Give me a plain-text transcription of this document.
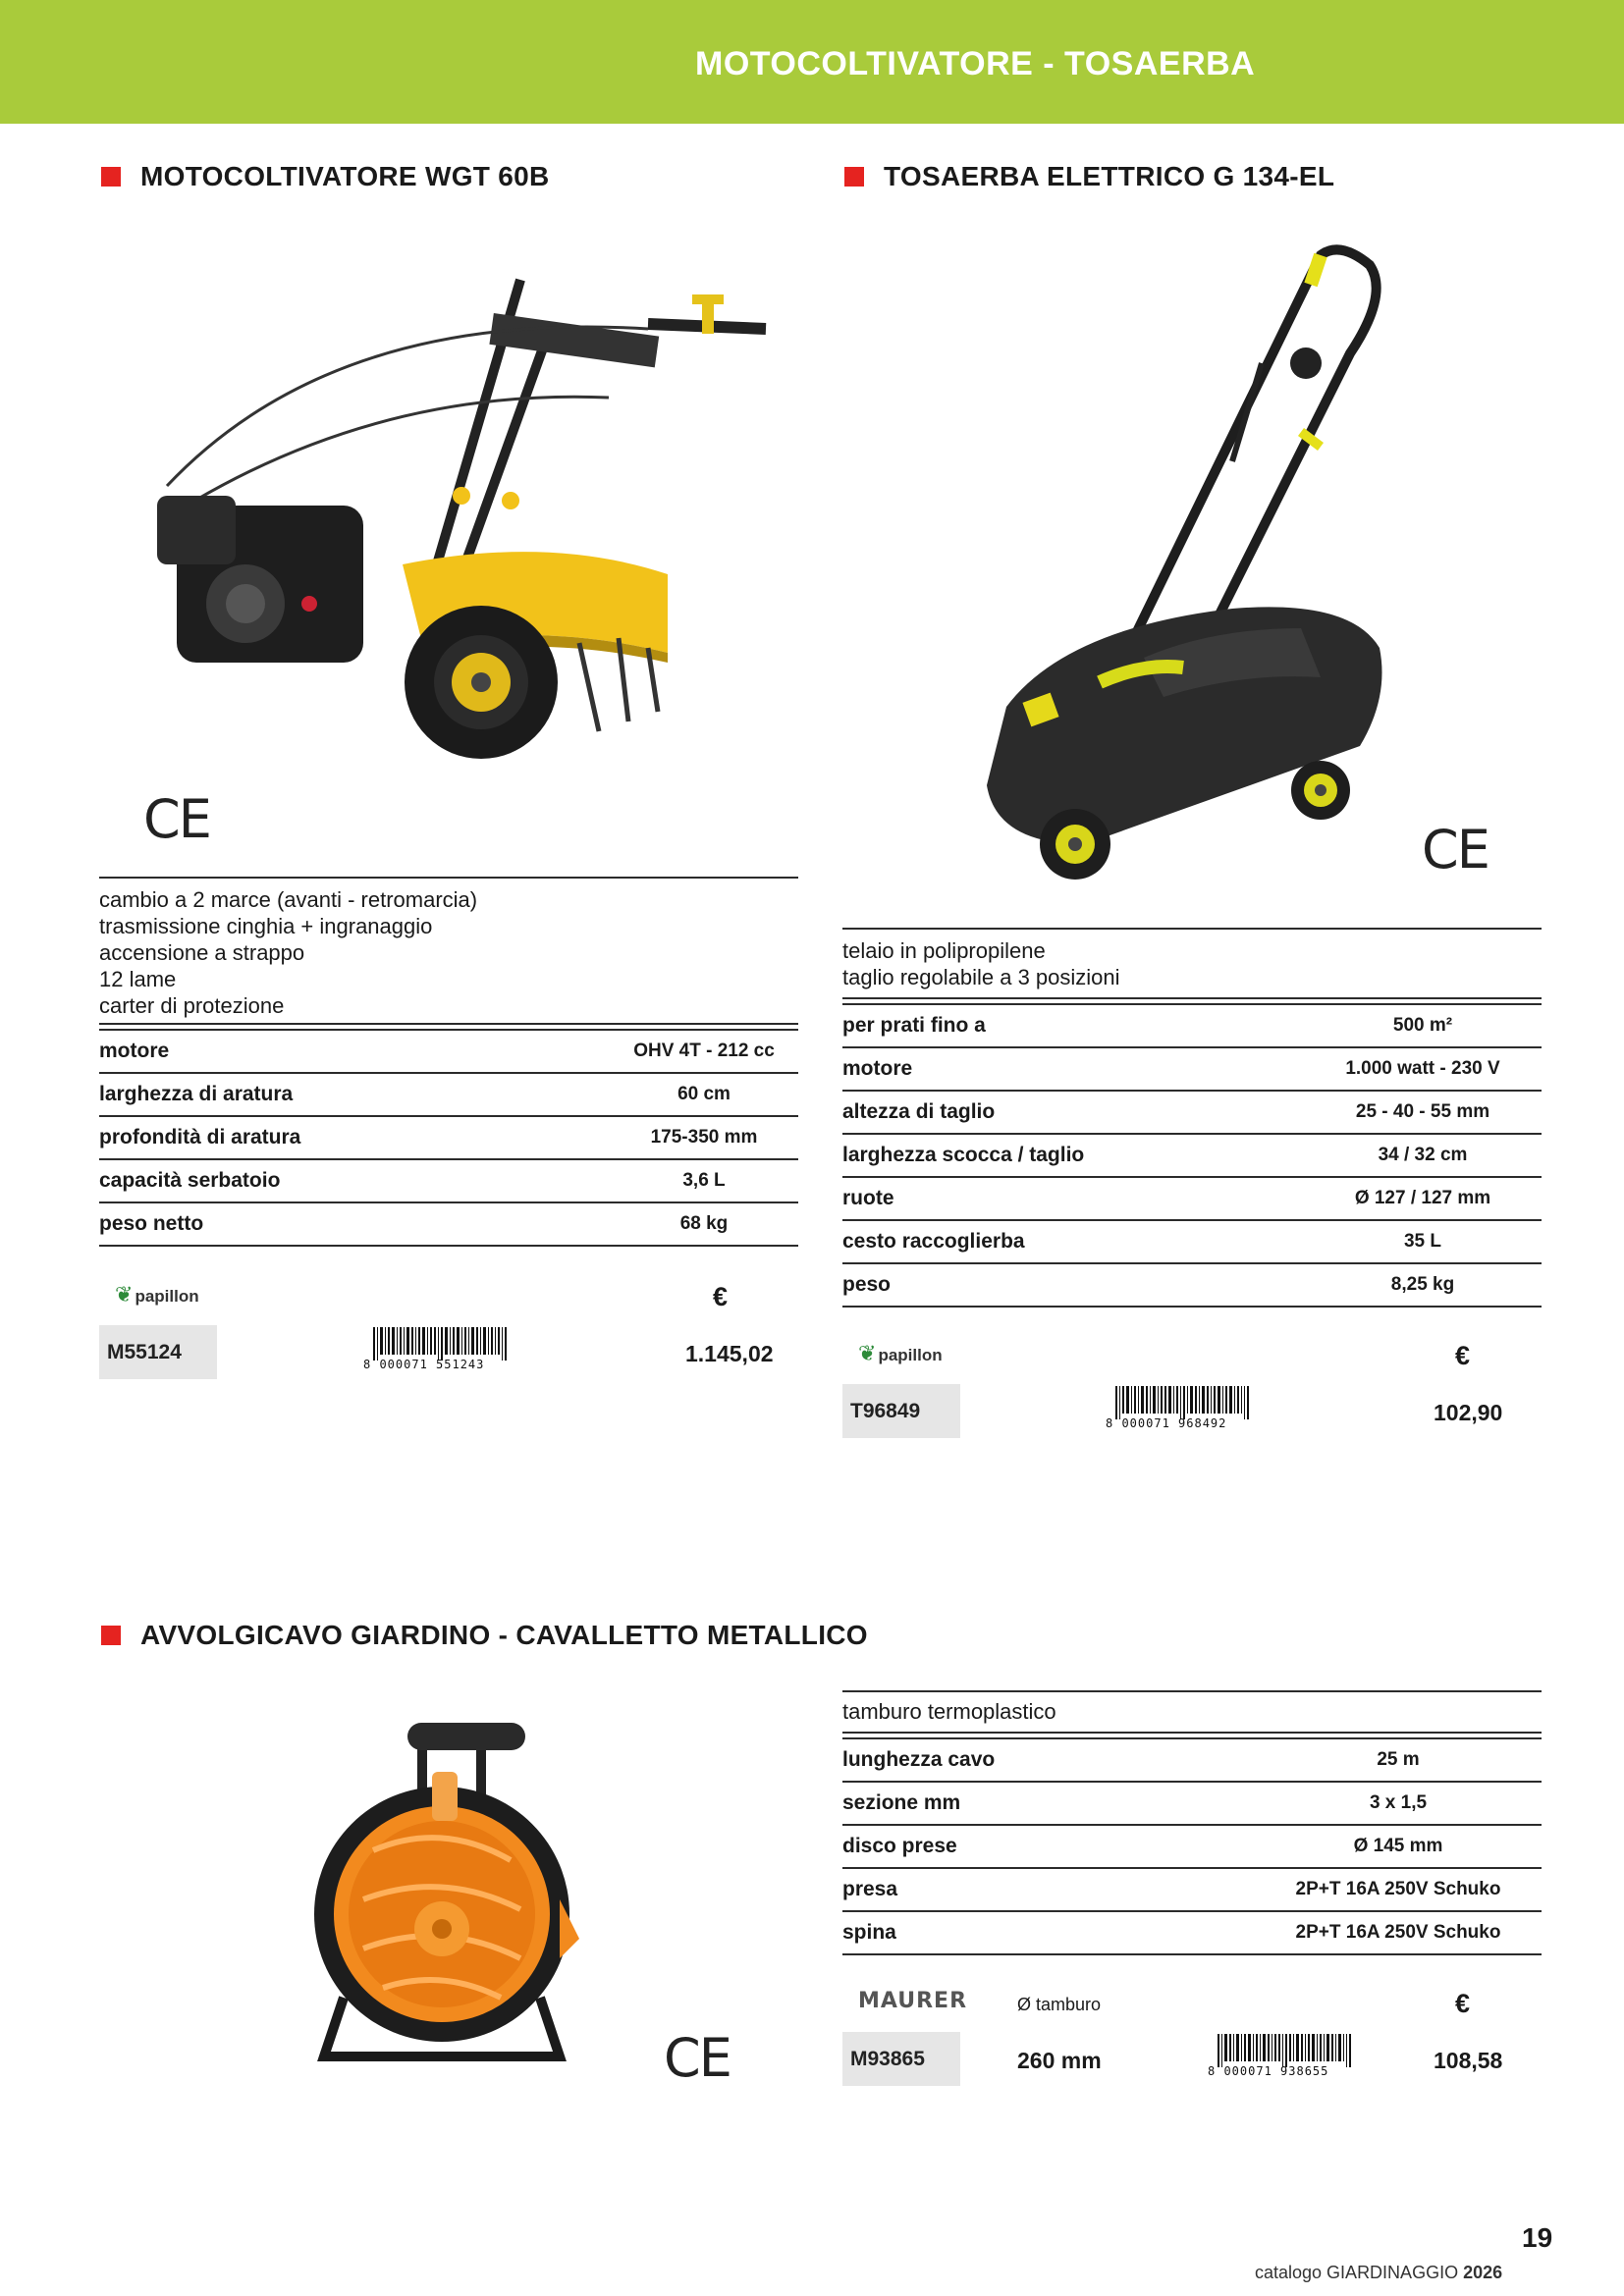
MOTOCOLTIVATORE - TOSAERBA
MOTOCOLTIVATORE WGT 60B
CE
cambio a 2 marce (avanti - retromarcia)
trasmissione cinghia + ingranaggio
accensione a strappo
12 lame
carter di protezione
motore	OHV 4T - 212 cc
larghezza di aratura	60 cm
profondità di aratura	175-350 mm
capacità serbatoio	3,6 L
peso netto	68 kg
❦ papillon	€
M55124
8 000071 551243	1.145,02
TOSAERBA ELETTRICO G 134-EL
CE
telaio in polipropilene
taglio regolabile a 3 posizioni
per prati fino a	500 m²
motore	1.000 watt - 230 V
altezza di taglio	25 - 40 - 55 mm
larghezza scocca / taglio	34 / 32 cm
ruote	Ø 127 / 127 mm
cesto raccoglierba	35 L
peso	8,25 kg
❦ papillon	€
T96849
8 000071 968492	102,90
AVVOLGICAVO GIARDINO - CAVALLETTO METALLICO
CE
tamburo termoplastico
lunghezza cavo	25 m
sezione mm	3 x 1,5
disco prese	Ø 145 mm
presa	2P+T 16A 250V Schuko
spina	2P+T 16A 250V Schuko
MAURER	Ø tamburo	€
M93865	260 mm	8 000071 938655	108,58
catalogo GIARDINAGGIO 2026
19
